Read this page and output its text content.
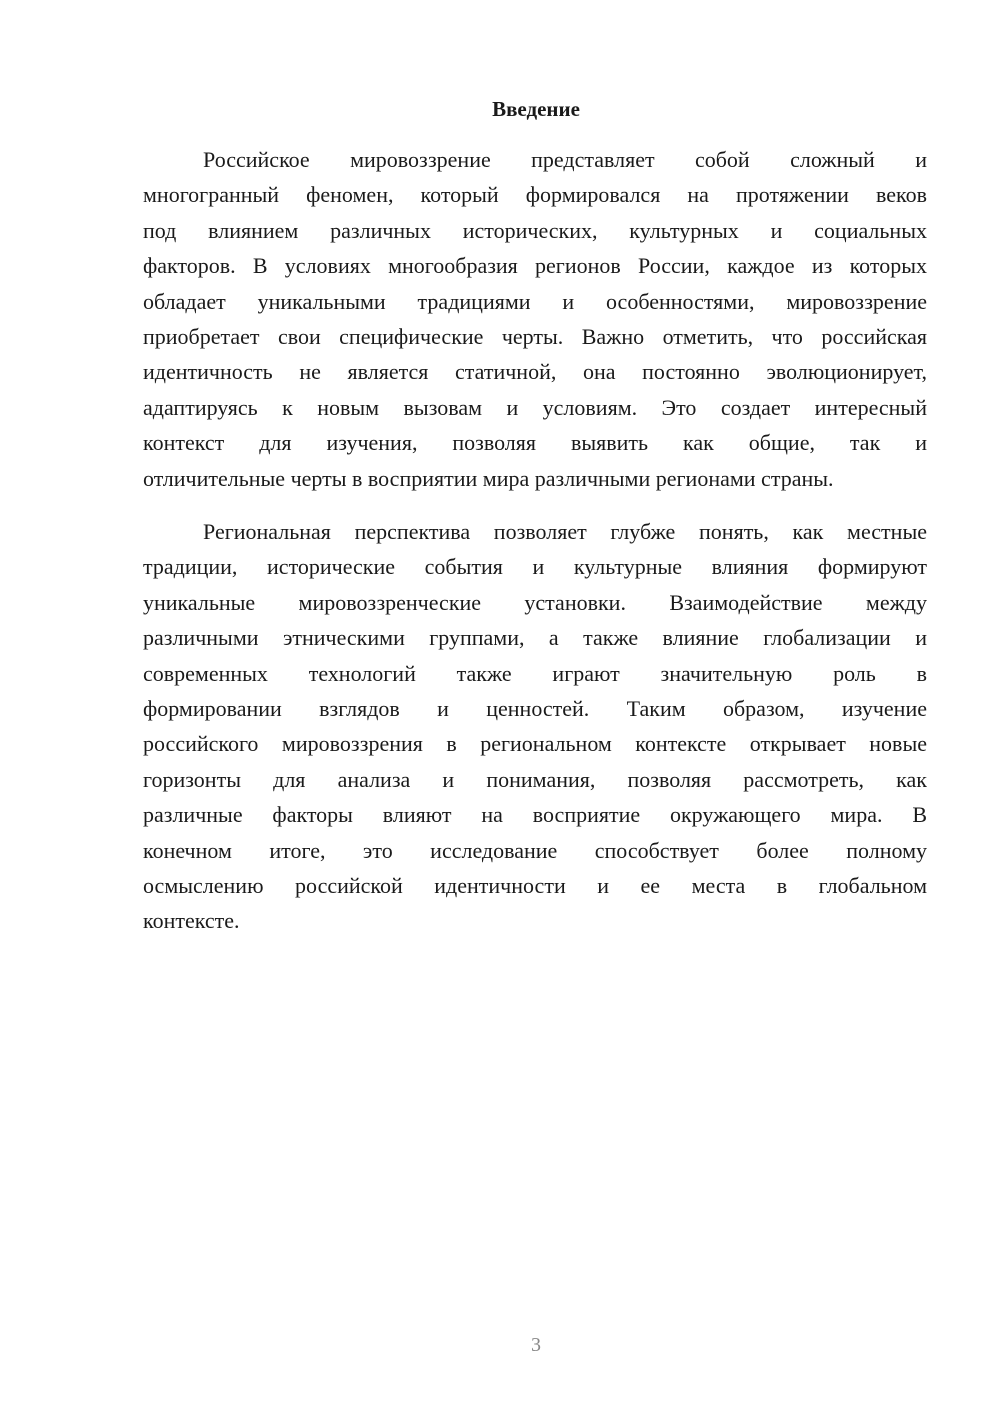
Введение
Российское мировоззрение представляет собой сложный и
многогранный феномен, который формировался на протяжении веков
под влиянием различных исторических, культурных и социальных
факторов. В условиях многообразия регионов России, каждое из которых
обладает уникальными традициями и особенностями, мировоззрение
приобретает свои специфические черты. Важно отметить, что российская
идентичность не является статичной, она постоянно эволюционирует,
адаптируясь к новым вызовам и условиям. Это создает интересный
контекст для изучения, позволяя выявить как общие, так и
отличительные черты в восприятии мира различными регионами страны.
Региональная перспектива позволяет глубже понять, как местные
традиции, исторические события и культурные влияния формируют
уникальные мировоззренческие установки. Взаимодействие между
различными этническими группами, а также влияние глобализации и
современных технологий также играют значительную роль в
формировании взглядов и ценностей. Таким образом, изучение
российского мировоззрения в региональном контексте открывает новые
горизонты для анализа и понимания, позволяя рассмотреть, как
различные факторы влияют на восприятие окружающего мира. В
конечном итоге, это исследование способствует более полному
осмыслению российской идентичности и ее места в глобальном
контексте.
3
